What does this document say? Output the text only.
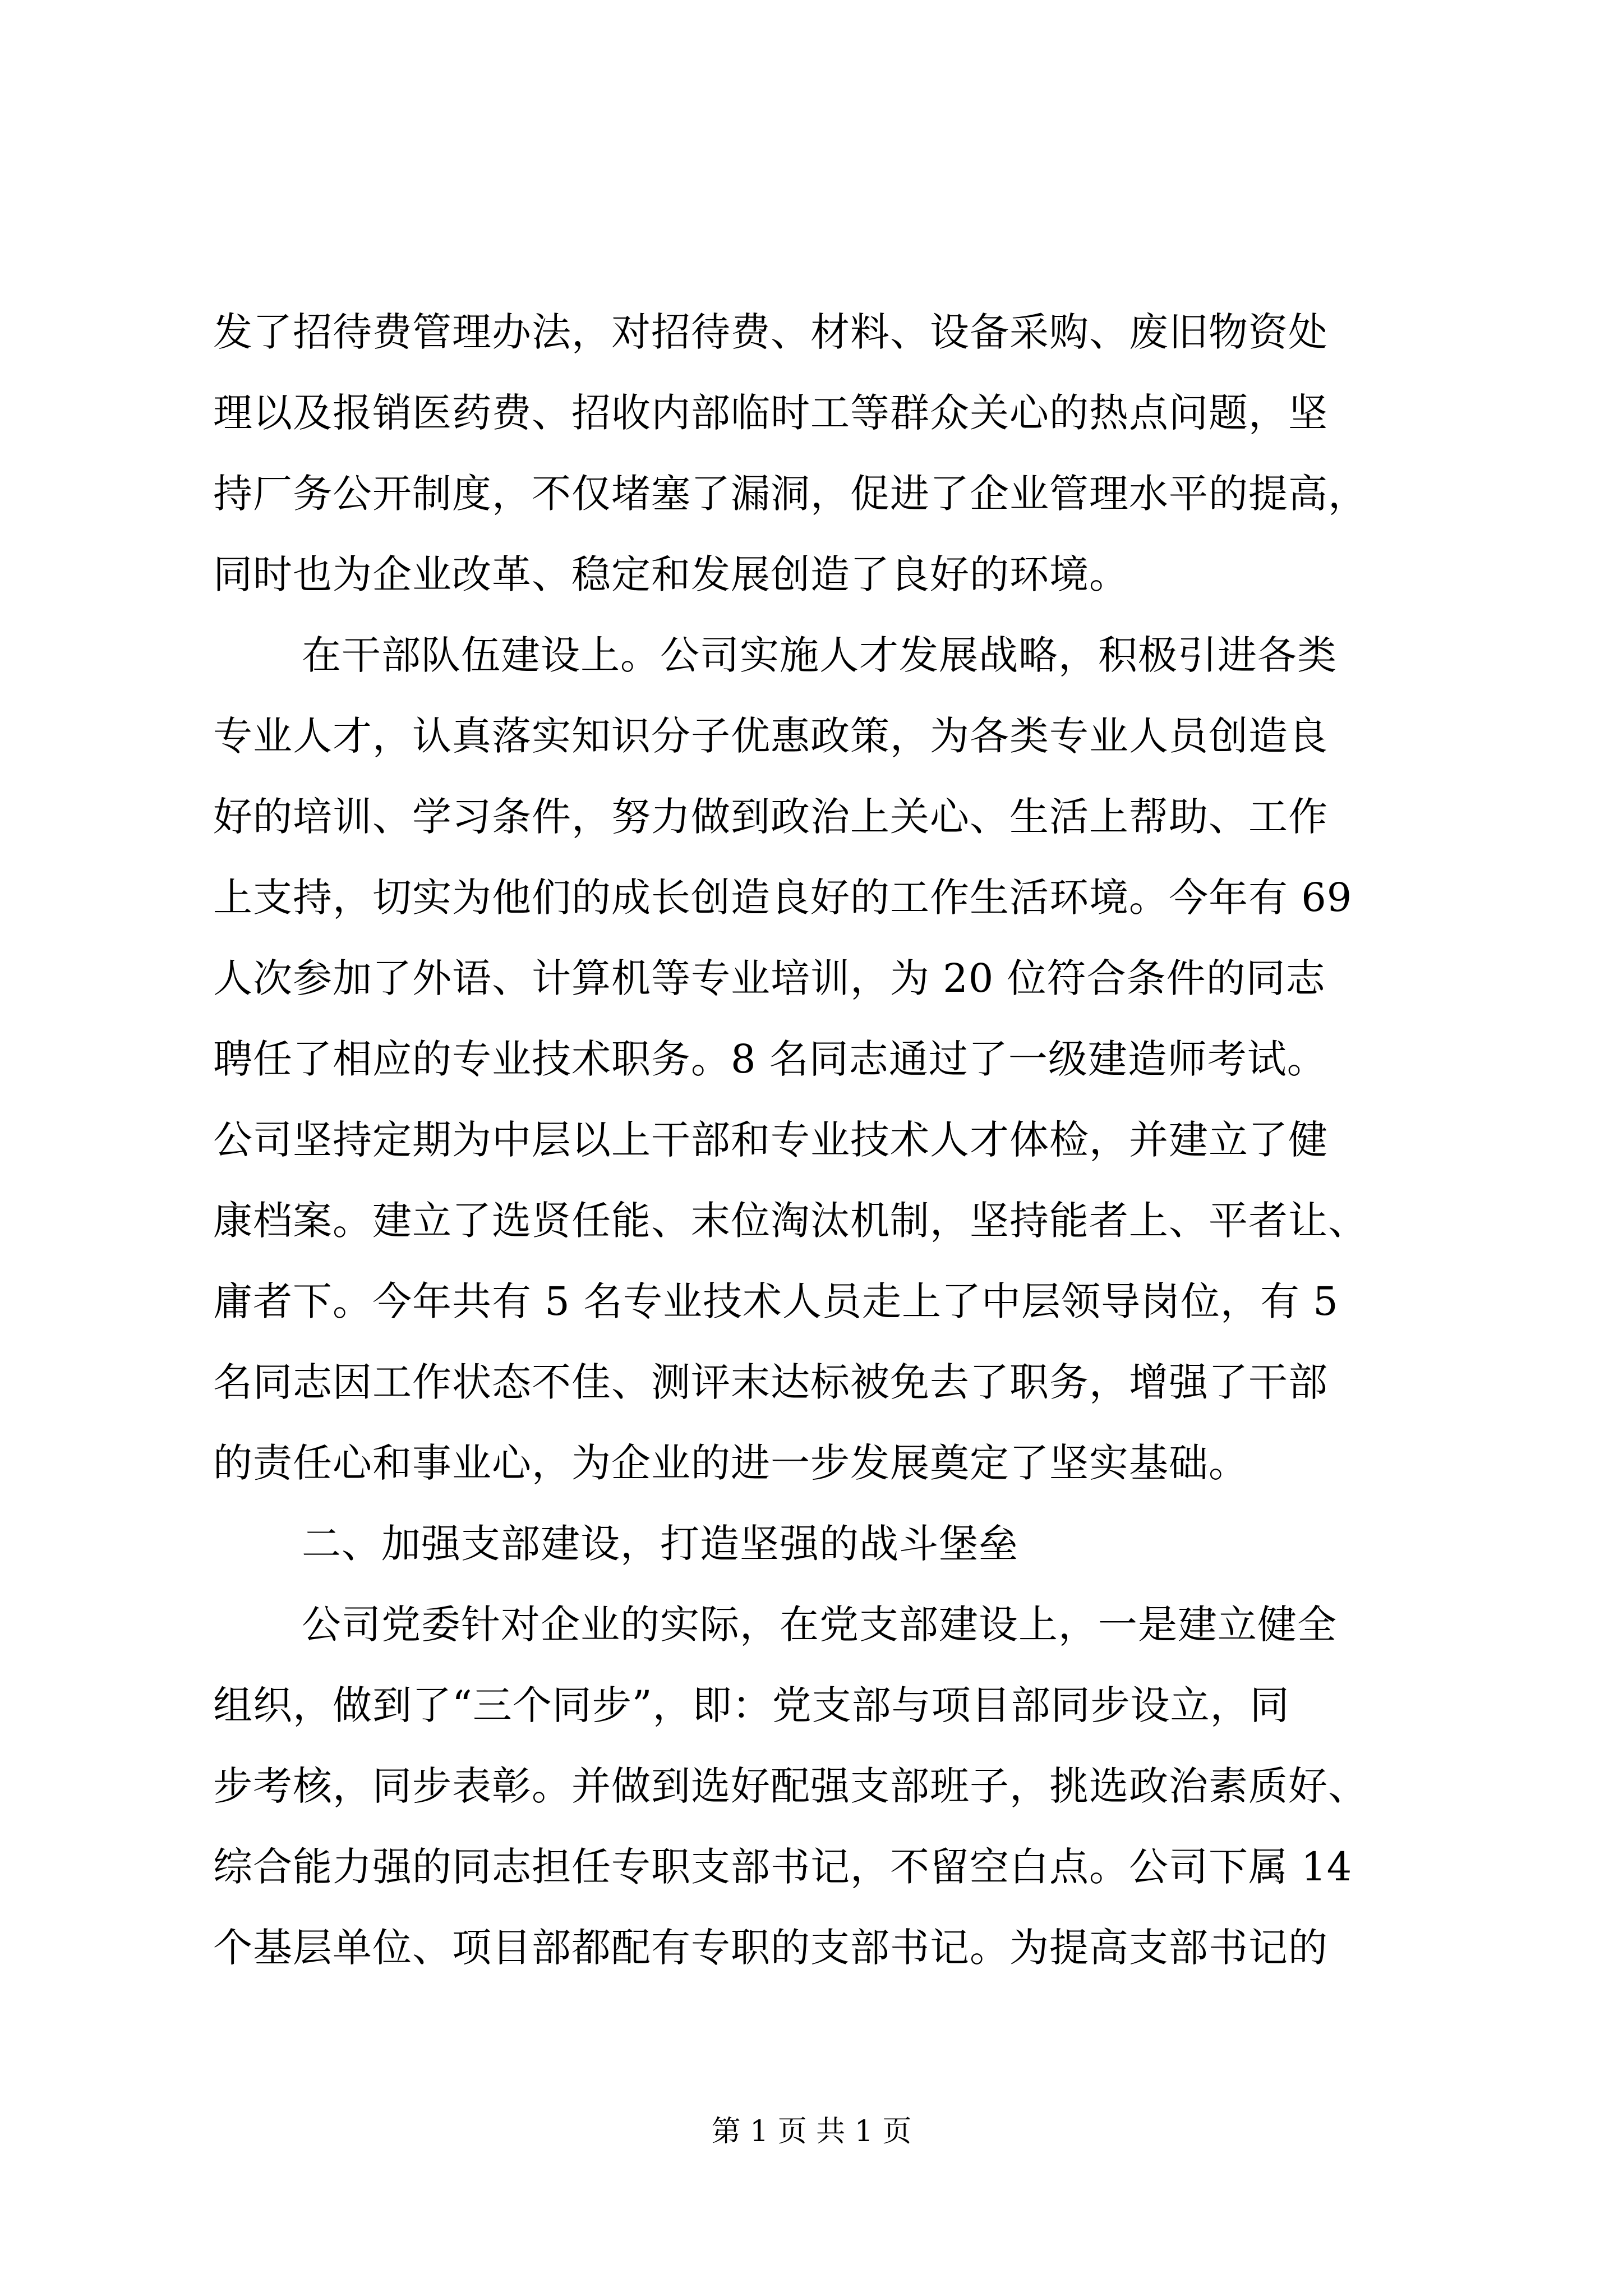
发了招待费管理办法，对招待费、材料、设备采购、废旧物资处
理以及报销医药费、招收内部临时工等群众关心的热点问题，坚
持厂务公开制度，不仅堵塞了漏洞，促进了企业管理水平的提高，
同时也为企业改革、稳定和发展创造了良好的环境。
在干部队伍建设上。公司实施人才发展战略，积极引进各类
专业人才，认真落实知识分子优惠政策，为各类专业人员创造良
好的培训、学习条件，努力做到政治上关心、生活上帮助、工作
上支持，切实为他们的成长创造良好的工作生活环境。今年有 69
人次参加了外语、计算机等专业培训，为 20 位符合条件的同志
聘任了相应的专业技术职务。8 名同志通过了一级建造师考试。
公司坚持定期为中层以上干部和专业技术人才体检，并建立了健
康档案。建立了选贤任能、末位淘汰机制，坚持能者上、平者让、
庸者下。今年共有 5 名专业技术人员走上了中层领导岗位，有 5
名同志因工作状态不佳、测评末达标被免去了职务，增强了干部
的责任心和事业心，为企业的进一步发展奠定了坚实基础。
二、加强支部建设，打造坚强的战斗堡垒
公司党委针对企业的实际，在党支部建设上，一是建立健全
组织，做到了“三个同步”，即：党支部与项目部同步设立，同
步考核，同步表彰。并做到选好配强支部班子，挑选政治素质好、
综合能力强的同志担任专职支部书记，不留空白点。公司下属 14
个基层单位、项目部都配有专职的支部书记。为提高支部书记的
第 1 页 共 1 页
